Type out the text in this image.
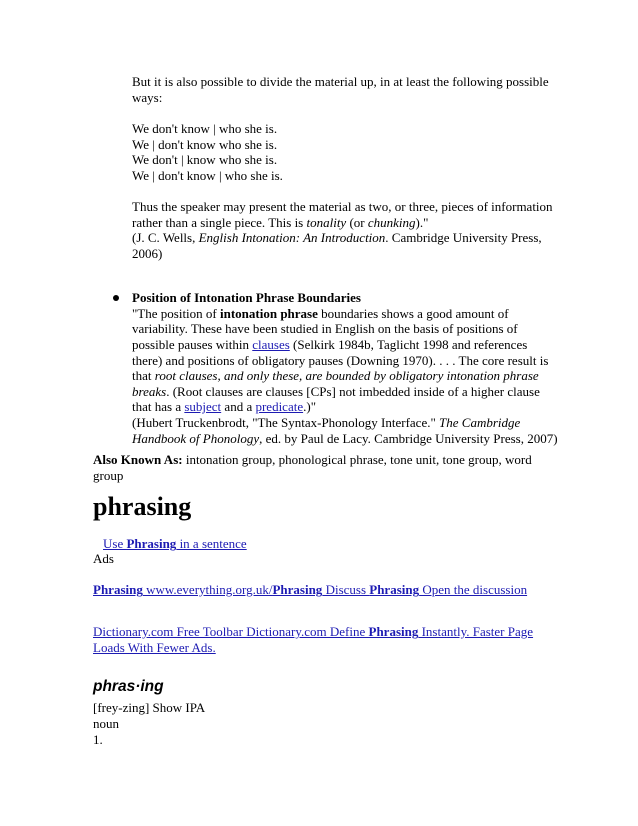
But it is also possible to divide the material up, in at least the following possible
ways:
We don't know | who she is.
We | don't know who she is.
We don't | know who she is.
We | don't know | who she is.
Thus the speaker may present the material as two, or three, pieces of information
rather than a single piece. This is tonality (or chunking)."
(J. C. Wells, English Intonation: An Introduction. Cambridge University Press,
2006)
Position of Intonation Phrase Boundaries
"The position of intonation phrase boundaries shows a good amount of
variability. These have been studied in English on the basis of positions of
possible pauses within clauses (Selkirk 1984b, Taglicht 1998 and references
there) and positions of obligatory pauses (Downing 1970). . . . The core result is
that root clauses, and only these, are bounded by obligatory intonation phrase
breaks. (Root clauses are clauses [CPs] not imbedded inside of a higher clause
that has a subject and a predicate.)"
(Hubert Truckenbrodt, "The Syntax-Phonology Interface." The Cambridge
Handbook of Phonology, ed. by Paul de Lacy. Cambridge University Press, 2007)
Also Known As: intonation group, phonological phrase, tone unit, tone group, word
group
phrasing
Use Phrasing in a sentence
Ads
Phrasing www.everything.org.uk/Phrasing Discuss Phrasing Open the discussion
Dictionary.com Free Toolbar Dictionary.com Define Phrasing Instantly. Faster Page
Loads With Fewer Ads.
phras·ing
[frey-zing] Show IPA
noun
1.
